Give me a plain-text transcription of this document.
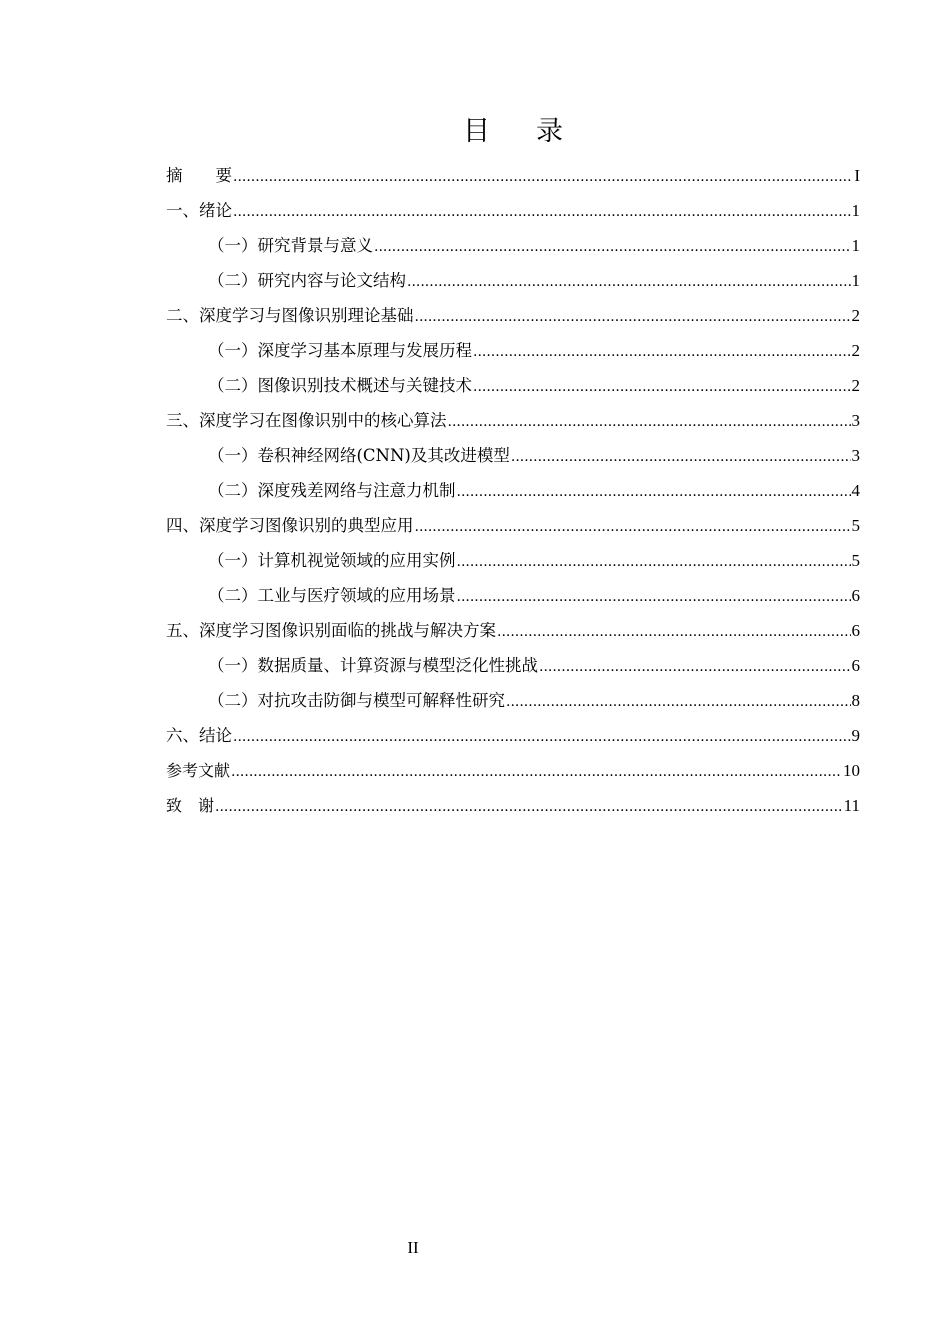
目 录
摘　　要 .....	I
一、绪论 .....	1
（一）研究背景与意义 .....	1
（二）研究内容与论文结构 .....	1
二、深度学习与图像识别理论基础 .....	2
（一）深度学习基本原理与发展历程 .....	2
（二）图像识别技术概述与关键技术 .....	2
三、深度学习在图像识别中的核心算法 .....	3
（一）卷积神经网络(CNN)及其改进模型 .....	3
（二）深度残差网络与注意力机制 .....	4
四、深度学习图像识别的典型应用 .....	5
（一）计算机视觉领域的应用实例 .....	5
（二）工业与医疗领域的应用场景 .....	6
五、深度学习图像识别面临的挑战与解决方案 .....	6
（一）数据质量、计算资源与模型泛化性挑战 .....	6
（二）对抗攻击防御与模型可解释性研究 .....	8
六、结论 .....	9
参考文献 .....	10
致　谢 .....	11
II
